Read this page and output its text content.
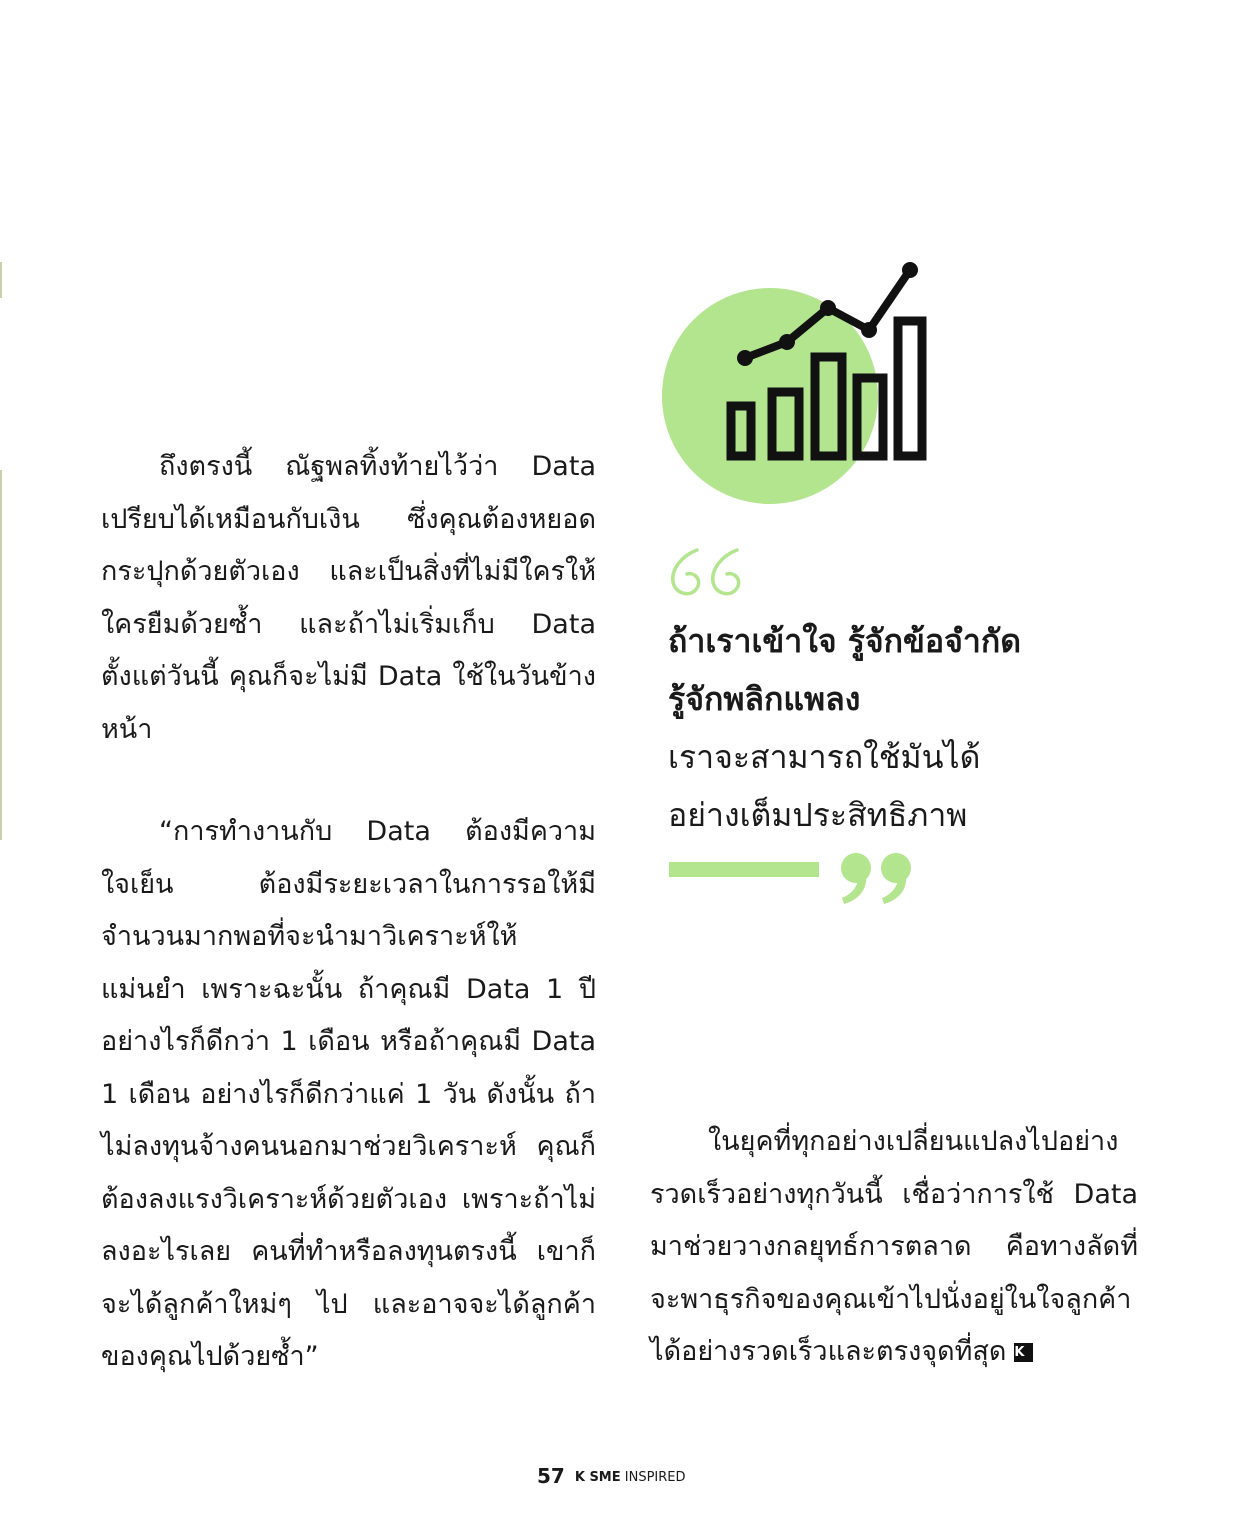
ถึงตรงนี้ ณัฐพลทิ้งท้ายไว้ว่า Data เปรียบได้เหมือนกับเงิน ซึ่งคุณต้องหยอดกระปุกด้วยตัวเอง และเป็นสิ่งที่ไม่มีใครให้ใครยืมด้วยซ้ำ และถ้าไม่เริ่มเก็บ Data ตั้งแต่วันนี้ คุณก็จะไม่มี Data ใช้ในวันข้างหน้า

“การทำงานกับ Data ต้องมีความใจเย็น ต้องมีระยะเวลาในการรอให้มีจำนวนมากพอที่จะนำมาวิเคราะห์ให้แม่นยำ เพราะฉะนั้น ถ้าคุณมี Data 1 ปี อย่างไรก็ดีกว่า 1 เดือน หรือถ้าคุณมี Data 1 เดือน อย่างไรก็ดีกว่าแค่ 1 วัน ดังนั้น ถ้าไม่ลงทุนจ้างคนนอกมาช่วยวิเคราะห์ คุณก็ต้องลงแรงวิเคราะห์ด้วยตัวเอง เพราะถ้าไม่ลงอะไรเลย คนที่ทำหรือลงทุนตรงนี้ เขาก็จะได้ลูกค้าใหม่ๆ ไป และอาจจะได้ลูกค้าของคุณไปด้วยซ้ำ”

ถ้าเราเข้าใจ รู้จักข้อจำกัด
รู้จักพลิกแพลง
เราจะสามารถใช้มันได้
อย่างเต็มประสิทธิภาพ

ในยุคที่ทุกอย่างเปลี่ยนแปลงไปอย่างรวดเร็วอย่างทุกวันนี้ เชื่อว่าการใช้ Data มาช่วยวางกลยุทธ์การตลาด คือทางลัดที่จะพาธุรกิจของคุณเข้าไปนั่งอยู่ในใจลูกค้าได้อย่างรวดเร็วและตรงจุดที่สุด K

57 K SME INSPIRED
